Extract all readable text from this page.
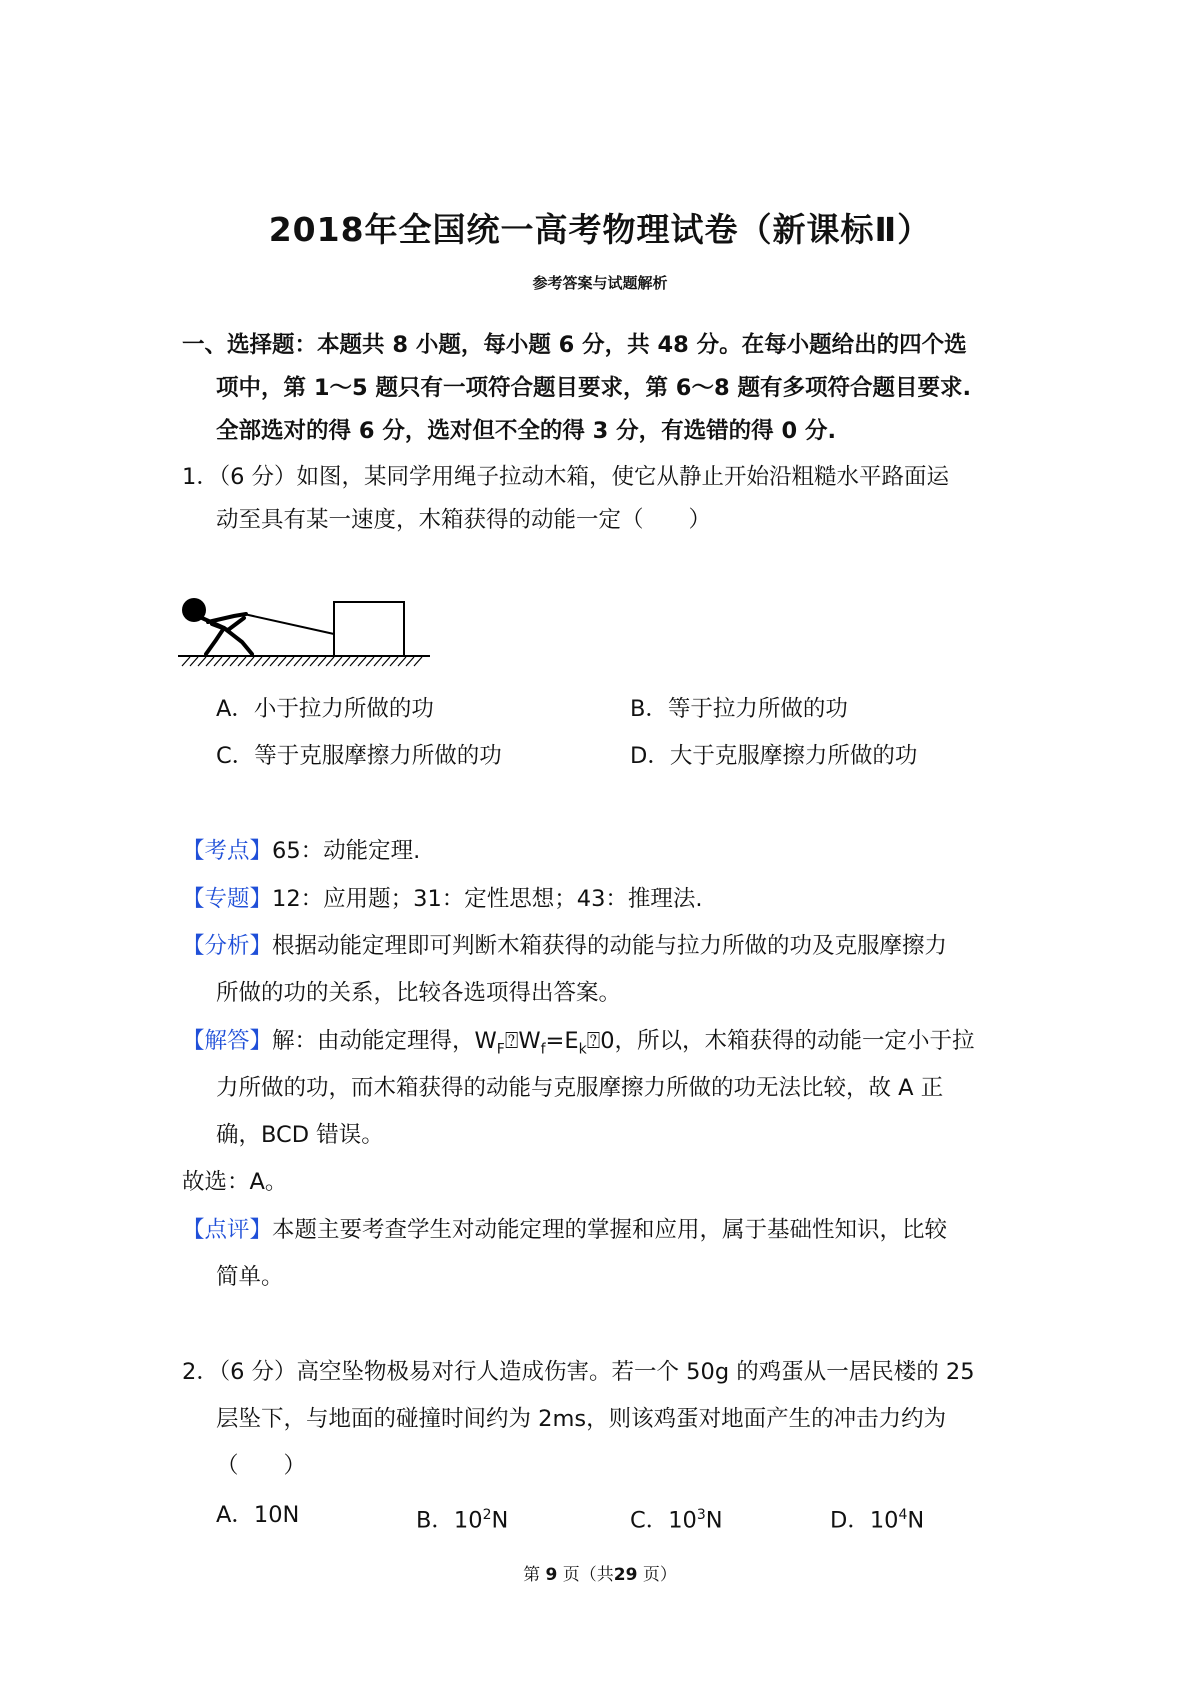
2018年全国统一高考物理试卷（新课标Ⅱ）
参考答案与试题解析
一、选择题：本题共 8 小题，每小题 6 分，共 48 分。在每小题给出的四个选
项中，第 1～5 题只有一项符合题目要求，第 6～8 题有多项符合题目要求.
全部选对的得 6 分，选对但不全的得 3 分，有选错的得 0 分.
1．（6 分）如图，某同学用绳子拉动木箱，使它从静止开始沿粗糙水平路面运
动至具有某一速度，木箱获得的动能一定（　　）
A．小于拉力所做的功	B．等于拉力所做的功
C．等于克服摩擦力所做的功	D．大于克服摩擦力所做的功
【考点】65：动能定理.
【专题】12：应用题；31：定性思想；43：推理法.
【分析】根据动能定理即可判断木箱获得的动能与拉力所做的功及克服摩擦力
所做的功的关系，比较各选项得出答案。
【解答】解：由动能定理得，$W_F⍰W_f=E_k⍰0$，所以，木箱获得的动能一定小于拉
力所做的功，而木箱获得的动能与克服摩擦力所做的功无法比较，故 A 正
确，BCD 错误。
故选：A。
【点评】本题主要考查学生对动能定理的掌握和应用，属于基础性知识，比较
简单。
2．（6 分）高空坠物极易对行人造成伤害。若一个 50g 的鸡蛋从一居民楼的 25
层坠下，与地面的碰撞时间约为 2ms，则该鸡蛋对地面产生的冲击力约为
（　　）
A．10N	B．$10^2N$	C．$10^3N$	D．$10^4N$
第 9 页（共29 页）
